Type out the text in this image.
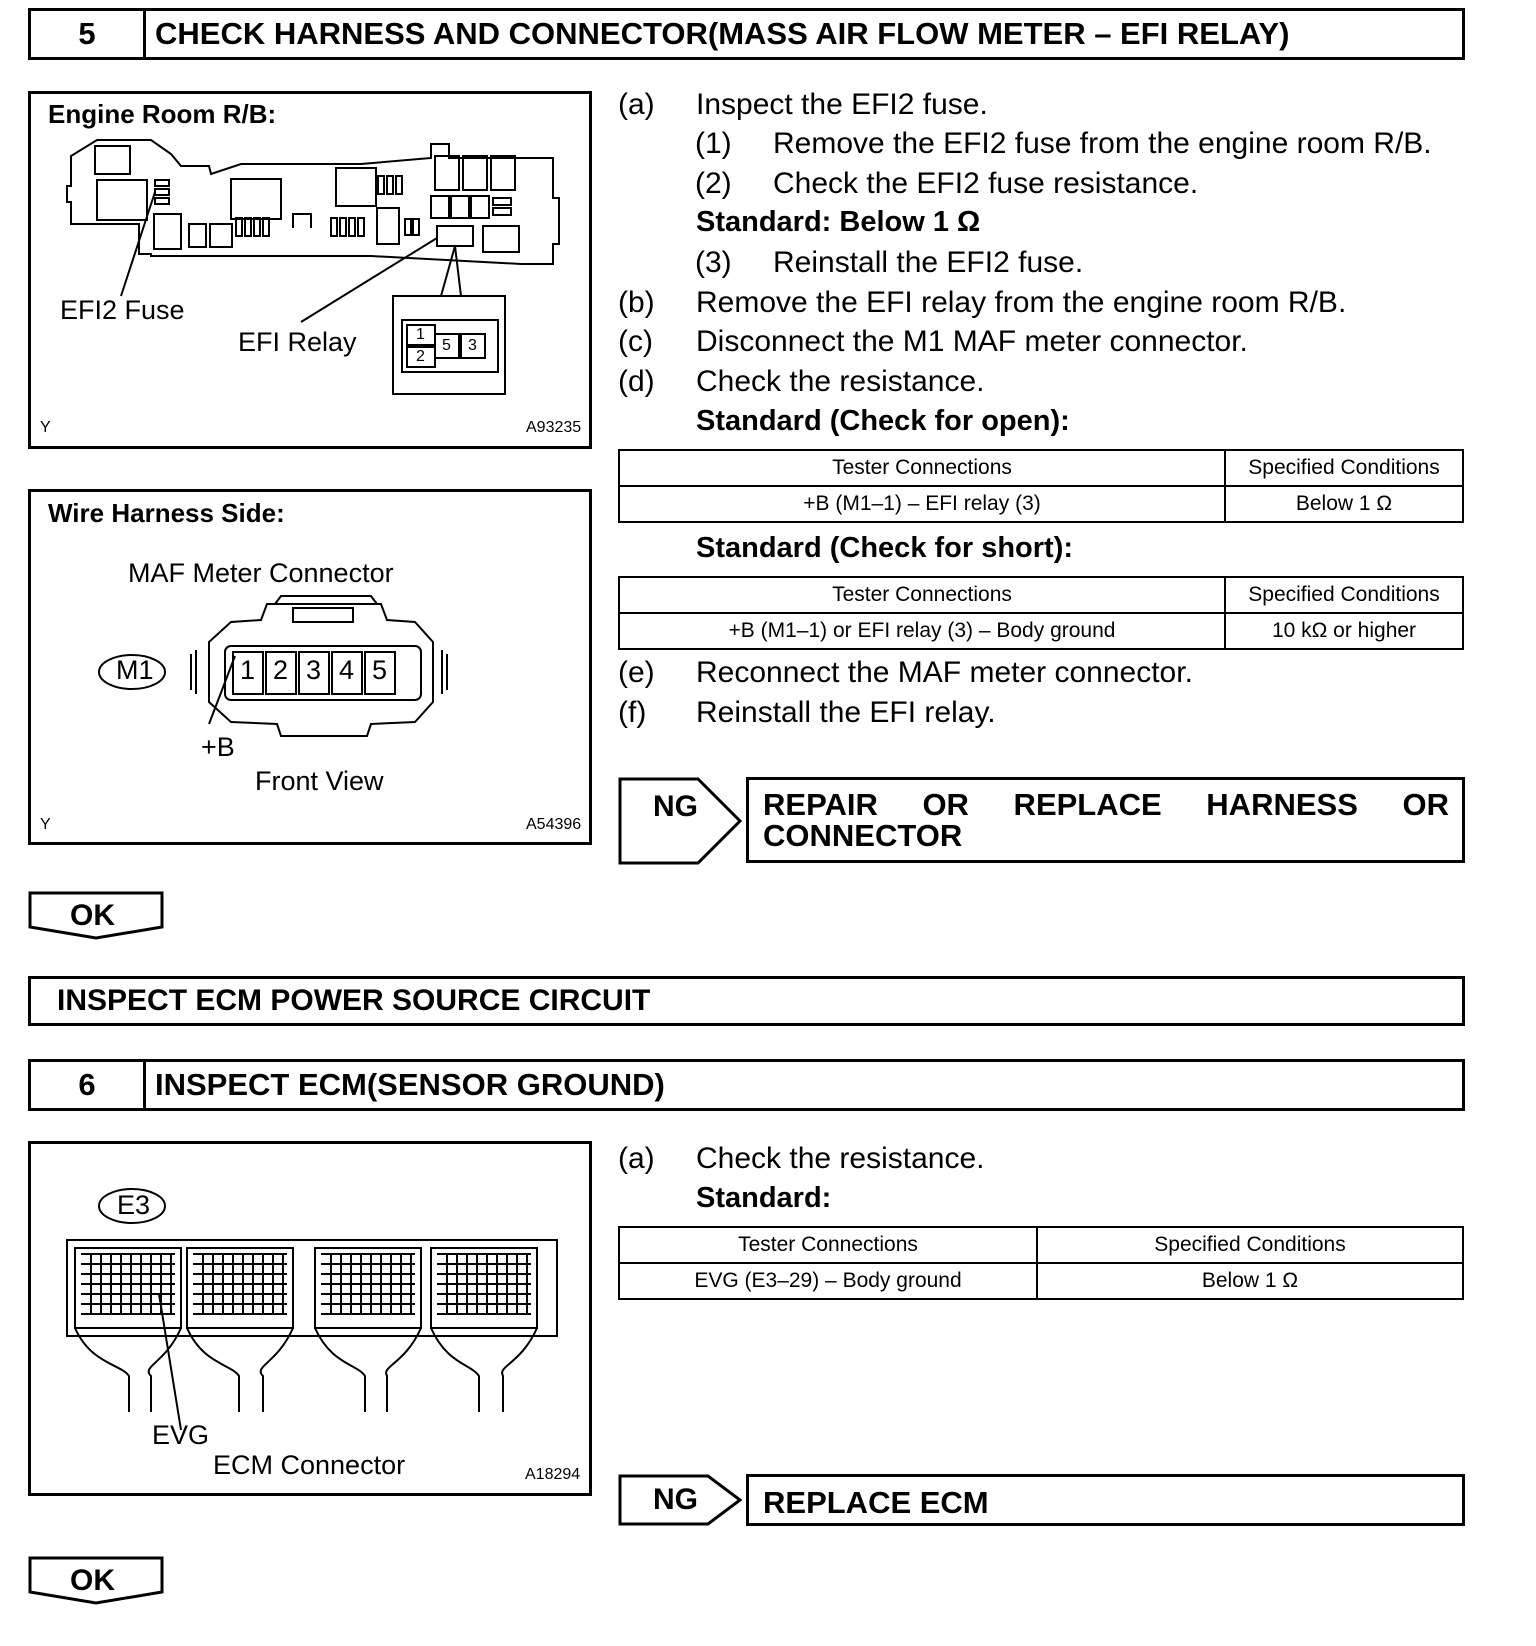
5	CHECK HARNESS AND CONNECTOR(MASS AIR FLOW METER – EFI RELAY)
Engine Room R/B:
1
2
5 3
EFI2 Fuse
EFI Relay
Y	A93235
Wire Harness Side:
MAF Meter Connector
M1	1 2 3 4 5
+B
Front View
Y	A54396
(a) Inspect the EFI2 fuse.
(1) Remove the EFI2 fuse from the engine room R/B.
(2) Check the EFI2 fuse resistance.
Standard: Below 1 Ω
(3) Reinstall the EFI2 fuse.
(b) Remove the EFI relay from the engine room R/B.
(c) Disconnect the M1 MAF meter connector.
(d) Check the resistance.
Standard (Check for open):
Tester Connections	Specified Conditions
+B (M1–1) – EFI relay (3)	Below 1 Ω
Standard (Check for short):
Tester Connections	Specified Conditions
+B (M1–1) or EFI relay (3) – Body ground	10 kΩ or higher
(e) Reconnect the MAF meter connector.
(f) Reinstall the EFI relay.
NG REPAIR OR REPLACE HARNESS OR
CONNECTOR
OK
INSPECT ECM POWER SOURCE CIRCUIT
6	INSPECT ECM(SENSOR GROUND)
E3
EVG
ECM Connector	A18294
(a) Check the resistance.
Standard:
Tester Connections	Specified Conditions
EVG (E3–29) – Body ground	Below 1 Ω
NG REPLACE ECM
OK
